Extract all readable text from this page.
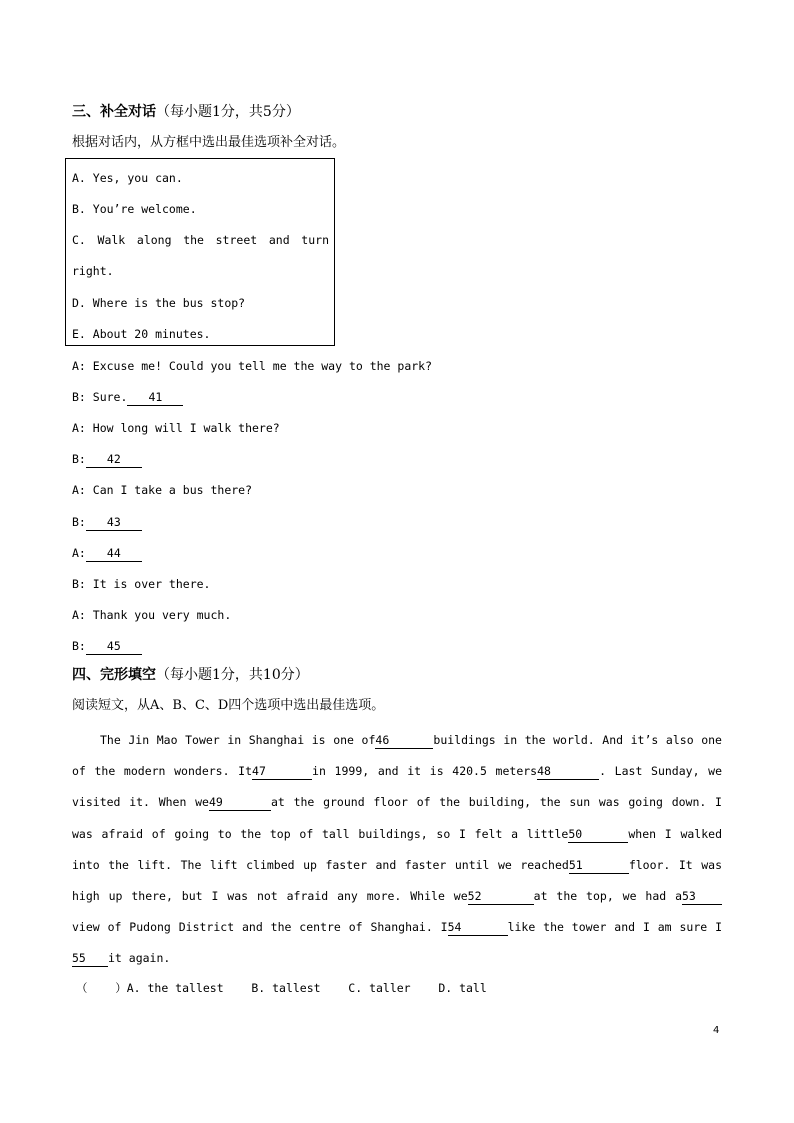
三、补全对话（每小题1分，共5分）
根据对话内，从方框中选出最佳选项补全对话。
A. Yes, you can.
B. You’re welcome.
C. Walk along the street and turn
right.
D. Where is the bus stop?
E. About 20 minutes.
A: Excuse me! Could you tell me the way to the park?
B: Sure. 41
A: How long will I walk there?
B: 42
A: Can I take a bus there?
B: 43
A: 44
B: It is over there.
A: Thank you very much.
B: 45
四、完形填空（每小题1分，共10分）
阅读短文，从A、B、C、D四个选项中选出最佳选项。
The Jin Mao Tower in Shanghai is one of46	buildings in the world. And it’s also one
of the modern wonders. It47	in 1999, and it is 420.5 meters48	. Last Sunday, we
visited it. When we49	at the ground floor of the building, the sun was going down. I
was afraid of going to the top of tall buildings, so I felt a little50	when I walked
into the lift. The lift climbed up faster and faster until we reached51	floor. It was
high up there, but I was not afraid any more. While we52	at the top, we had a53
view of Pudong District and the centre of Shanghai. I54	like the tower and I am sure I
55 it again.
（    ）A. the tallest B. tallest C. taller D. tall
4
